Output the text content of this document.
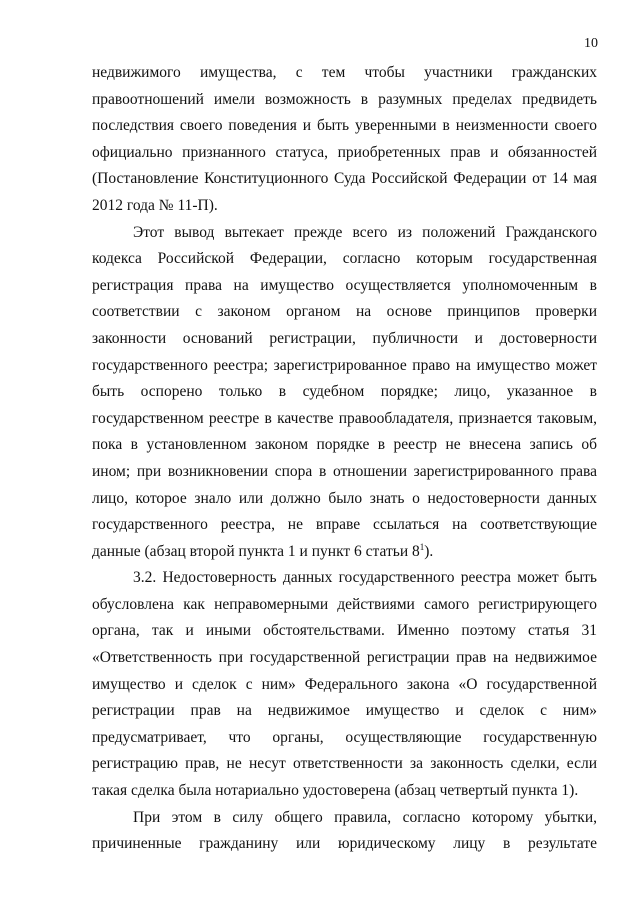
10

недвижимого имущества, с тем чтобы участники гражданских
правоотношений имели возможность в разумных пределах предвидеть
последствия своего поведения и быть уверенными в неизменности своего
официально признанного статуса, приобретенных прав и обязанностей
(Постановление Конституционного Суда Российской Федерации от 14 мая
2012 года № 11-П).

Этот вывод вытекает прежде всего из положений Гражданского
кодекса Российской Федерации, согласно которым государственная
регистрация права на имущество осуществляется уполномоченным в
соответствии с законом органом на основе принципов проверки
законности оснований регистрации, публичности и достоверности
государственного реестра; зарегистрированное право на имущество может
быть оспорено только в судебном порядке; лицо, указанное в
государственном реестре в качестве правообладателя, признается таковым,
пока в установленном законом порядке в реестр не внесена запись об
ином; при возникновении спора в отношении зарегистрированного права
лицо, которое знало или должно было знать о недостоверности данных
государственного реестра, не вправе ссылаться на соответствующие
данные (абзац второй пункта 1 и пункт 6 статьи $8^1$).

3.2. Недостоверность данных государственного реестра может быть
обусловлена как неправомерными действиями самого регистрирующего
органа, так и иными обстоятельствами. Именно поэтому статья 31
«Ответственность при государственной регистрации прав на недвижимое
имущество и сделок с ним» Федерального закона «О государственной
регистрации прав на недвижимое имущество и сделок с ним»
предусматривает, что органы, осуществляющие государственную
регистрацию прав, не несут ответственности за законность сделки, если
такая сделка была нотариально удостоверена (абзац четвертый пункта 1).

При этом в силу общего правила, согласно которому убытки,
причиненные гражданину или юридическому лицу в результате
